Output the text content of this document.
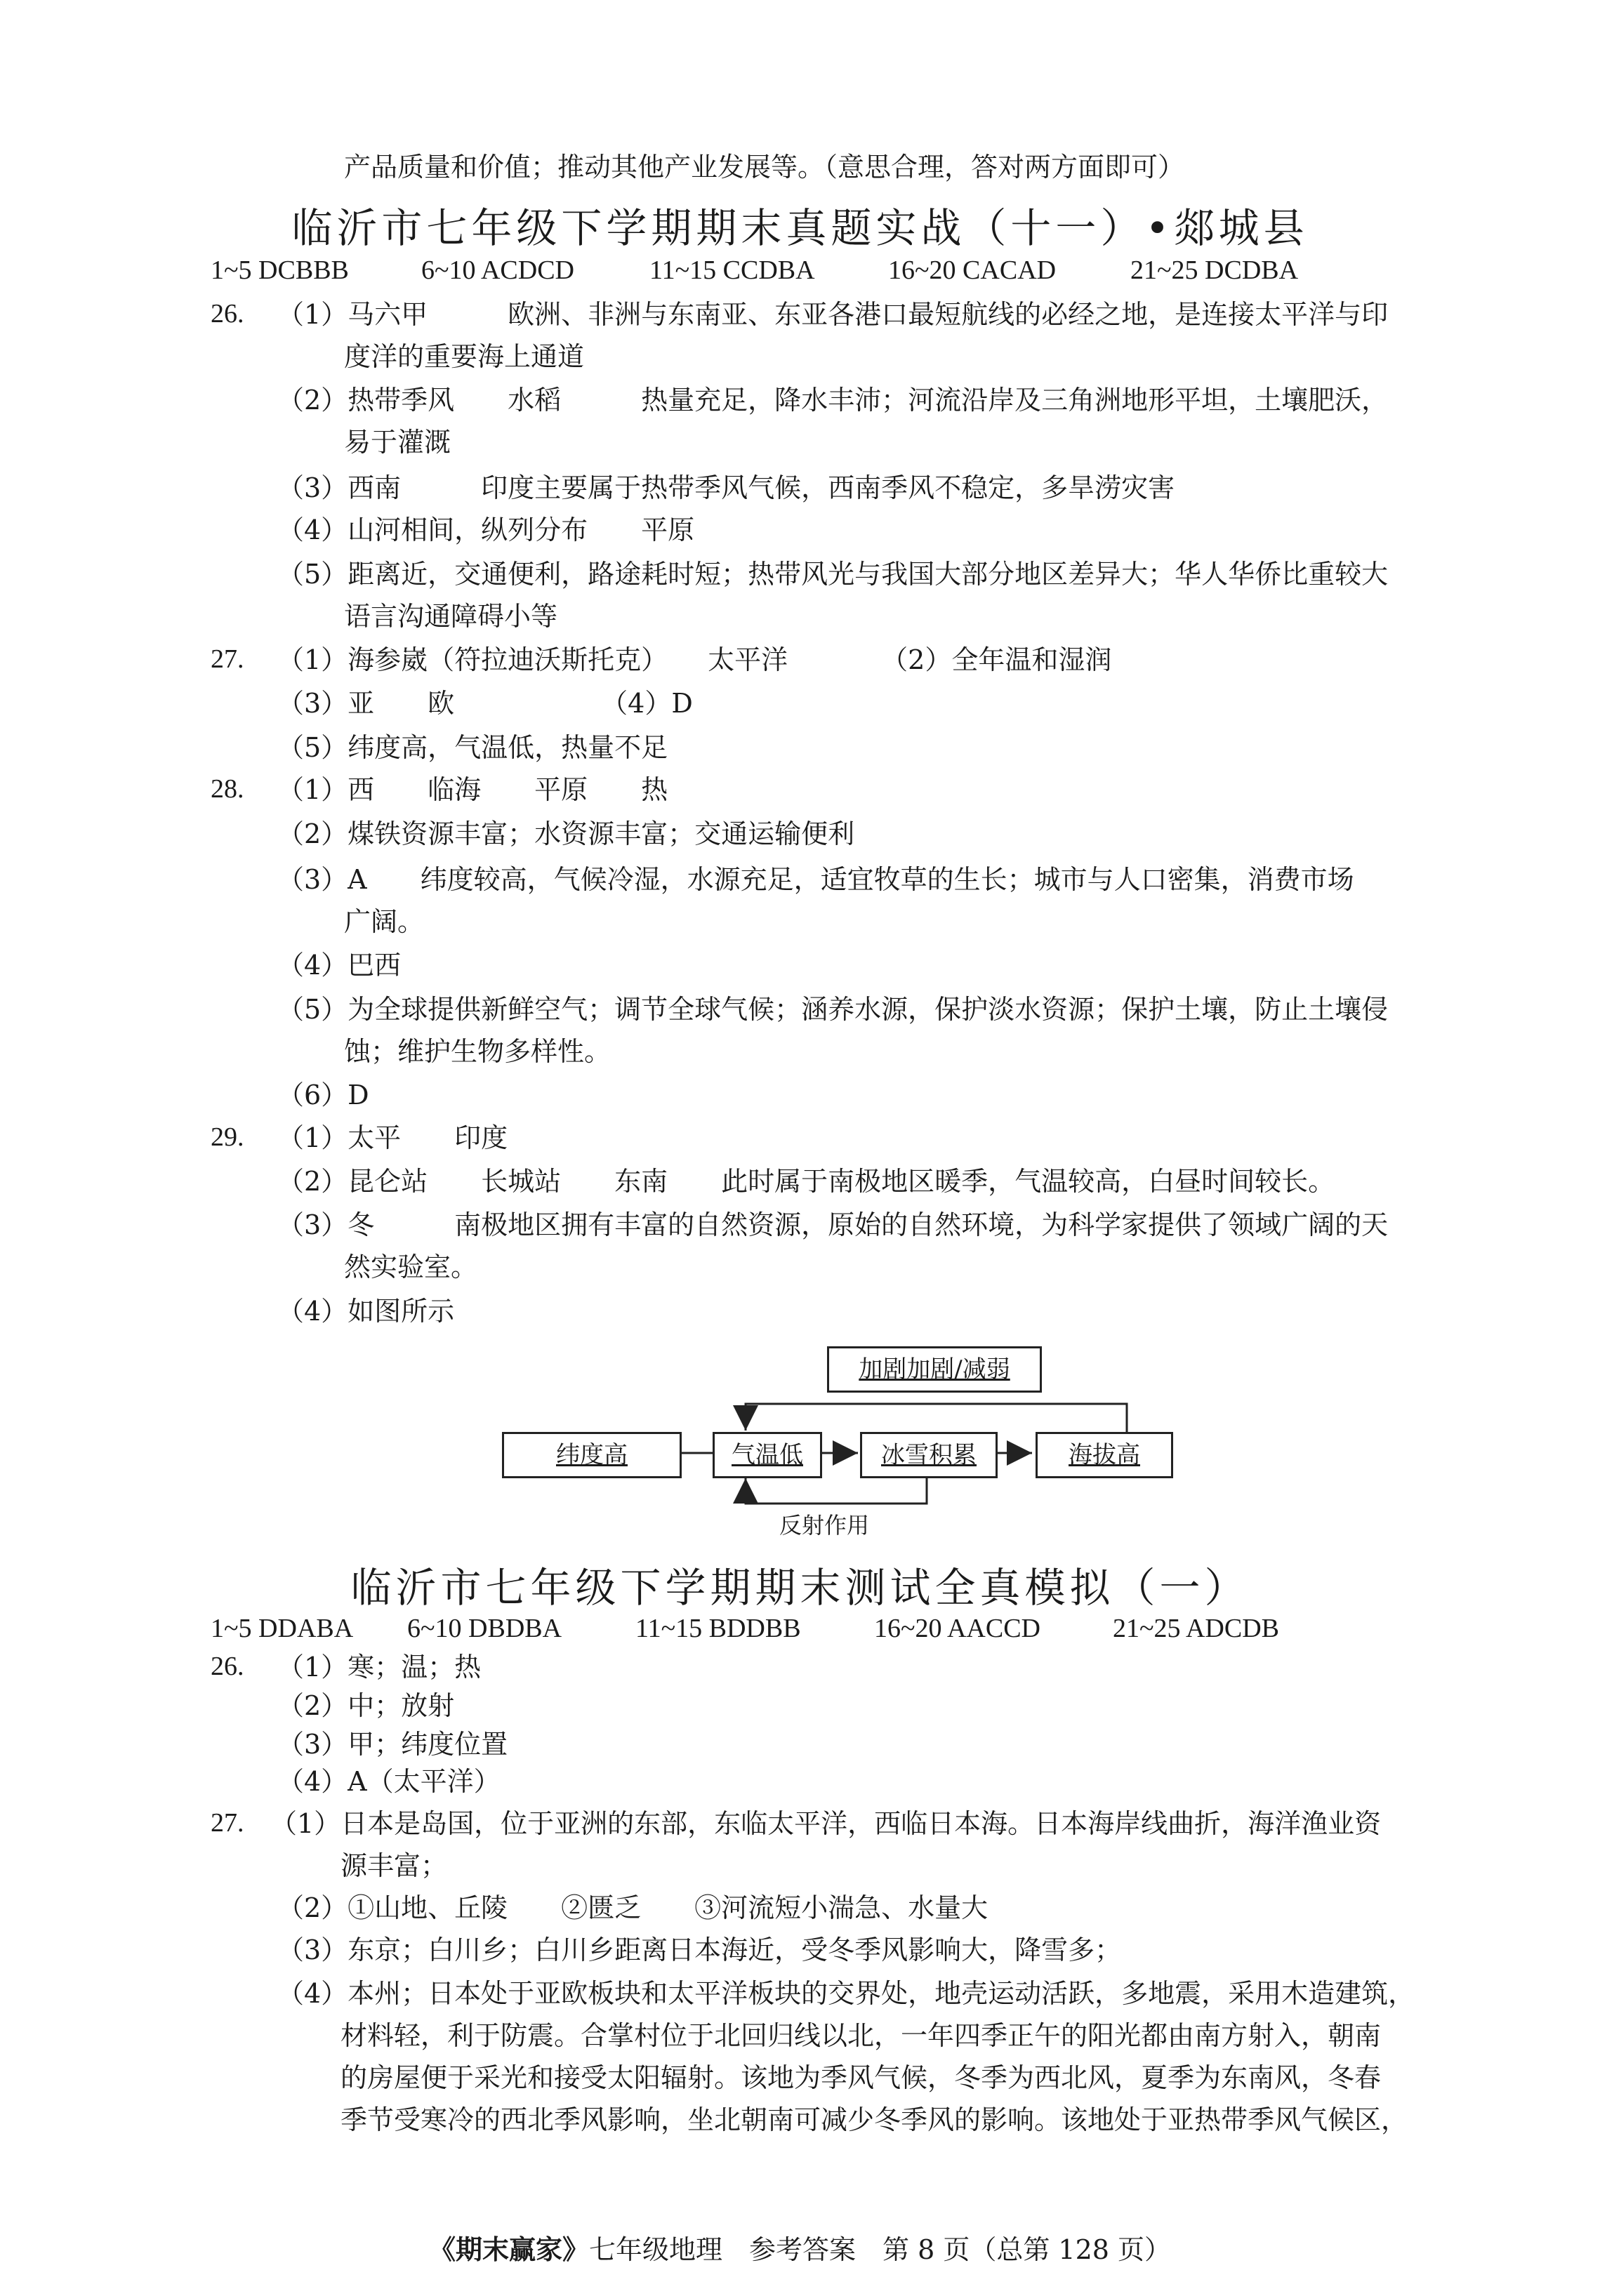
产品质量和价值；推动其他产业发展等。（意思合理，答对两方面即可）
临沂市七年级下学期期末真题实战（十一）•郯城县
1~5 DCBBB	6~10 ACDCD	11~15 CCDBA	16~20 CACAD	21~25 DCDBA
26. （1）马六甲　　　欧洲、非洲与东南亚、东亚各港口最短航线的必经之地，是连接太平洋与印
度洋的重要海上通道
（2）热带季风　　水稻　　　热量充足，降水丰沛；河流沿岸及三角洲地形平坦，土壤肥沃，
易于灌溉
（3）西南　　　印度主要属于热带季风气候，西南季风不稳定，多旱涝灾害
（4）山河相间，纵列分布　　平原
（5）距离近，交通便利，路途耗时短；热带风光与我国大部分地区差异大；华人华侨比重较大
语言沟通障碍小等
27. （1）海参崴（符拉迪沃斯托克）　　太平洋　　　　（2）全年温和湿润
（3）亚　　欧　　　　　　（4）D
（5）纬度高，气温低，热量不足
28. （1）西　　临海　　平原　　热
（2）煤铁资源丰富；水资源丰富；交通运输便利
（3）A　　纬度较高，气候冷湿，水源充足，适宜牧草的生长；城市与人口密集，消费市场
广阔。
（4）巴西
（5）为全球提供新鲜空气；调节全球气候；涵养水源，保护淡水资源；保护土壤，防止土壤侵
蚀；维护生物多样性。
（6）D
29. （1）太平　　印度
（2）昆仑站　　长城站　　东南　　此时属于南极地区暖季，气温较高，白昼时间较长。
（3）冬　　　南极地区拥有丰富的自然资源，原始的自然环境，为科学家提供了领域广阔的天
然实验室。
（4）如图所示
加剧加剧/减弱
纬度高	气温低	冰雪积累	海拔高
反射作用
临沂市七年级下学期期末测试全真模拟（一）
1~5 DDABA 6~10 DBDBA	11~15 BDDBB	16~20 AACCD	21~25 ADCDB
26. （1）寒；温；热
（2）中；放射
（3）甲；纬度位置
（4）A（太平洋）
27. （1）日本是岛国，位于亚洲的东部，东临太平洋，西临日本海。日本海岸线曲折，海洋渔业资
源丰富；
（2）①山地、丘陵　　②匮乏　　③河流短小湍急、水量大
（3）东京；白川乡；白川乡距离日本海近，受冬季风影响大，降雪多；
（4）本州；日本处于亚欧板块和太平洋板块的交界处，地壳运动活跃，多地震，采用木造建筑，
材料轻，利于防震。合掌村位于北回归线以北，一年四季正午的阳光都由南方射入，朝南
的房屋便于采光和接受太阳辐射。该地为季风气候，冬季为西北风，夏季为东南风，冬春
季节受寒冷的西北季风影响，坐北朝南可减少冬季风的影响。该地处于亚热带季风气候区，
《期末赢家》七年级地理　参考答案　第 8 页（总第 128 页）
